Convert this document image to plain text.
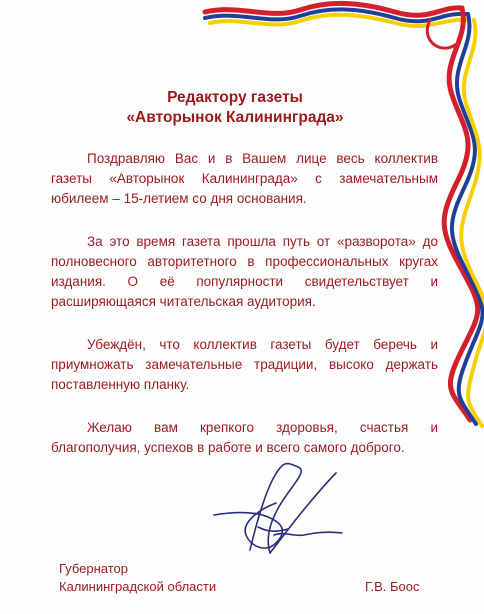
Редактору газеты
«Авторынок Калининграда»

Поздравляю Вас и в Вашем лице весь коллектив газеты «Авторынок Калининграда» с замечательным юбилеем – 15-летием со дня основания.

За это время газета прошла путь от «разворота» до полновесного авторитетного в профессиональных кругах издания. О её популярности свидетельствует и расширяющаяся читательская аудитория.

Убеждён, что коллектив газеты будет беречь и приумножать замечательные традиции, высоко держать поставленную планку.

Желаю вам крепкого здоровья, счастья и благополучия, успехов в работе и всего самого доброго.

Губернатор
Калининградской области	Г.В. Боос
